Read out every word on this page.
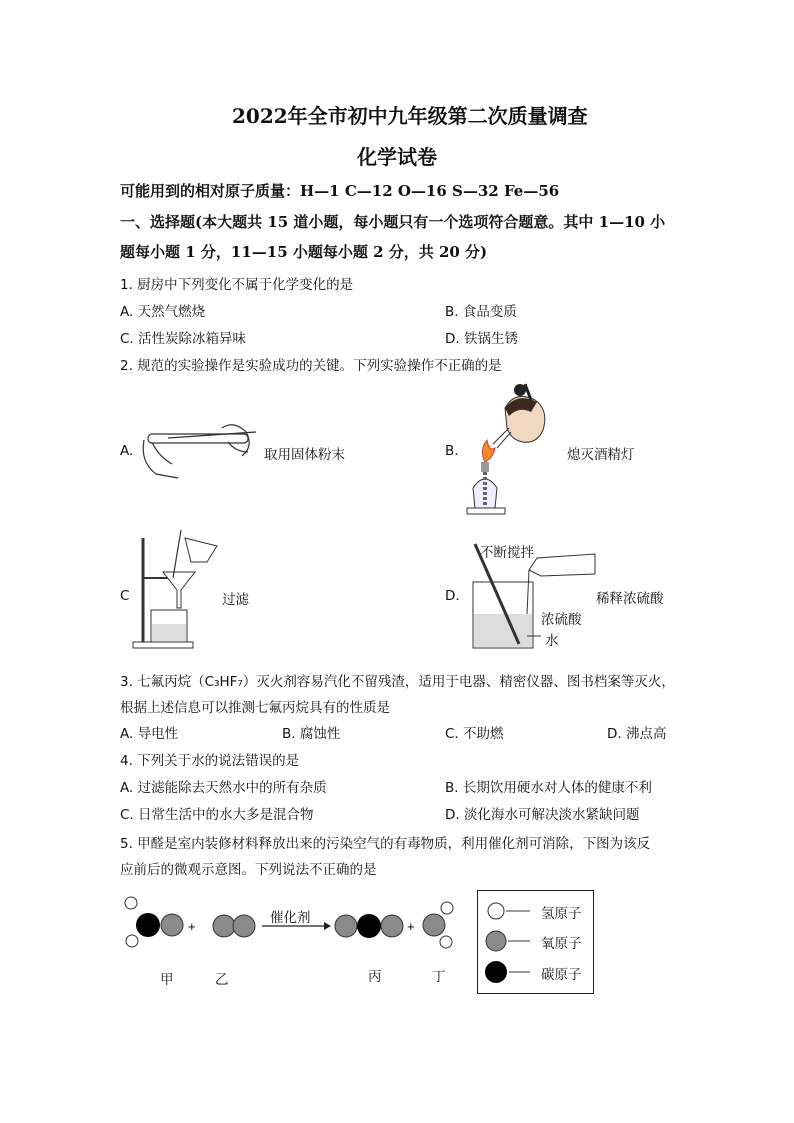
2022年全市初中九年级第二次质量调查
化学试卷
可能用到的相对原子质量：H—1 C—12 O—16 S—32 Fe—56
一、选择题(本大题共 15 道小题，每小题只有一个选项符合题意。其中 1—10 小
题每小题 1 分，11—15 小题每小题 2 分，共 20 分)
1. 厨房中下列变化不属于化学变化的是
A. 天然气燃烧	B. 食品变质
C. 活性炭除冰箱异味	D. 铁锅生锈
2. 规范的实验操作是实验成功的关键。下列实验操作不正确的是
A.	取用固体粉末	B.	熄灭酒精灯
C	过滤	D.
不断搅拌
稀释浓硫酸
浓硫酸
水
3. 七氟丙烷（C₃HF₇）灭火剂容易汽化不留残渣，适用于电器、精密仪器、图书档案等灭火，
根据上述信息可以推测七氟丙烷具有的性质是
A. 导电性	B. 腐蚀性	C. 不助燃	D. 沸点高
4. 下列关于水的说法错误的是
A. 过滤能除去天然水中的所有杂质	B. 长期饮用硬水对人体的健康不利
C. 日常生活中的水大多是混合物	D. 淡化海水可解决淡水紧缺问题
5. 甲醛是室内装修材料释放出来的污染空气的有毒物质，利用催化剂可消除，下图为该反
应前后的微观示意图。下列说法不正确的是
+	+
催化剂
甲	乙	丙	丁
氢原子
氧原子
碳原子
